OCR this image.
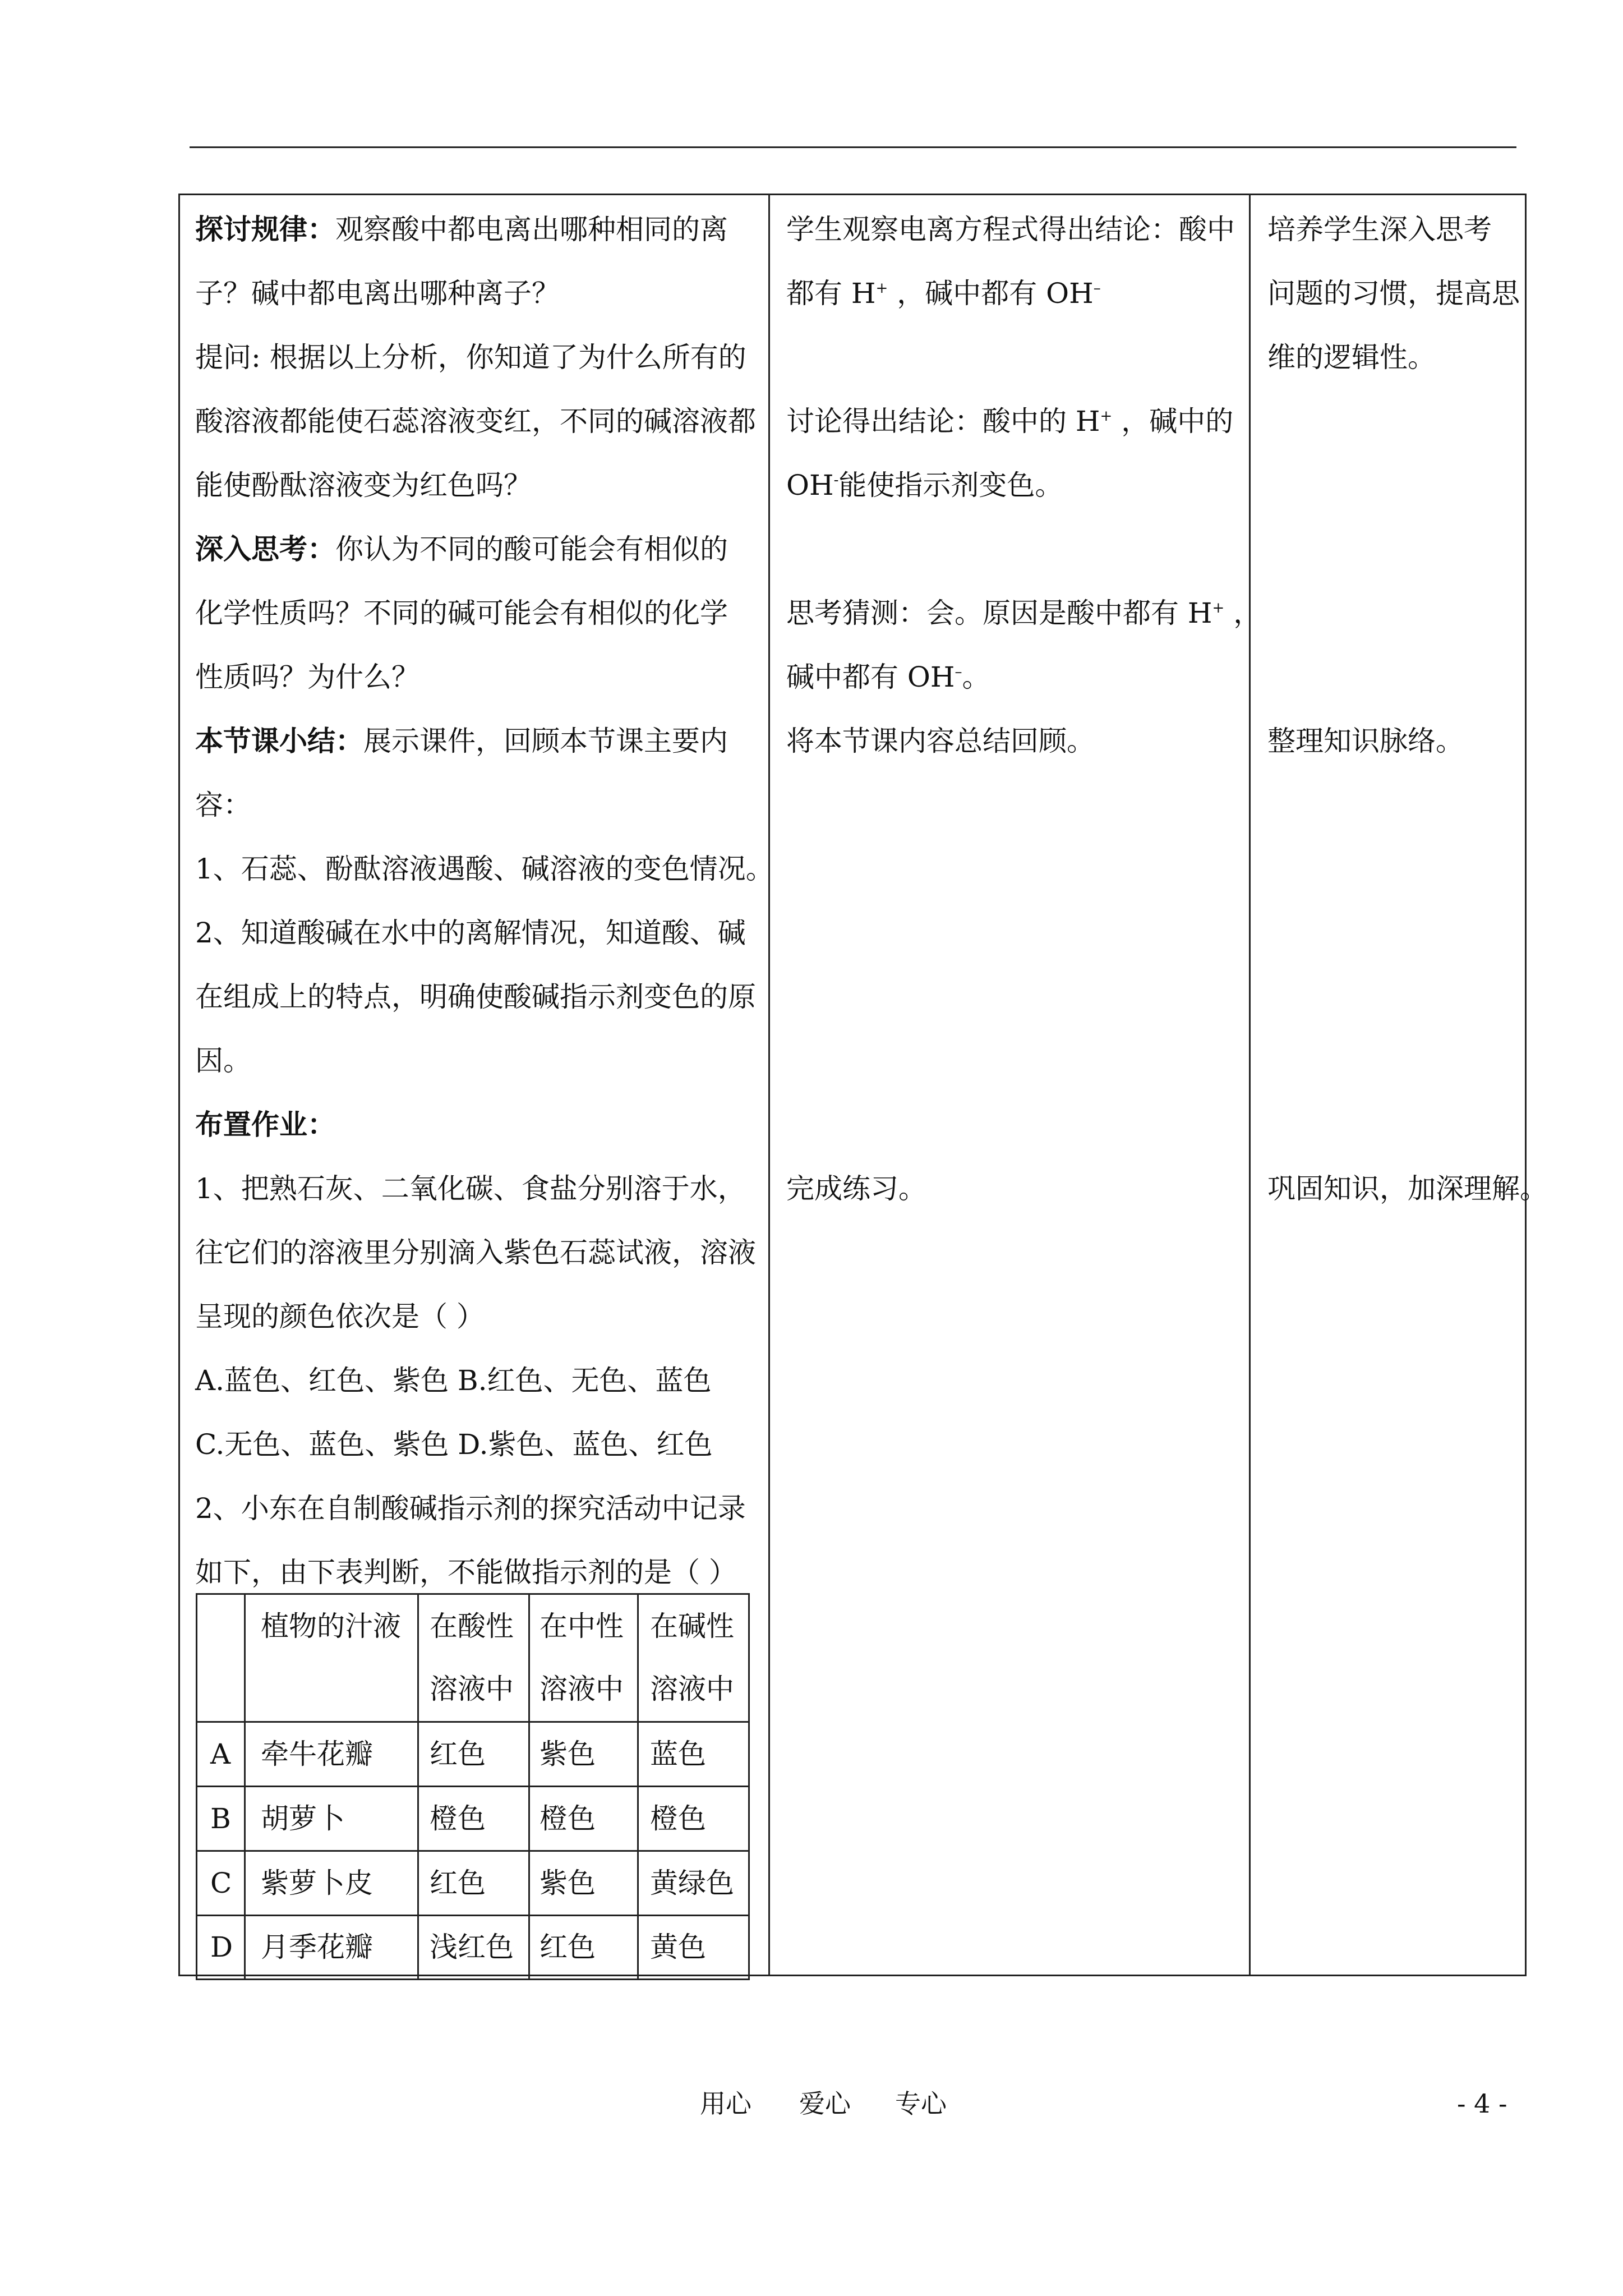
探讨规律：观察酸中都电离出哪种相同的离
子？碱中都电离出哪种离子？
提问: 根据以上分析，你知道了为什么所有的
酸溶液都能使石蕊溶液变红，不同的碱溶液都
能使酚酞溶液变为红色吗？
深入思考：你认为不同的酸可能会有相似的
化学性质吗？不同的碱可能会有相似的化学
性质吗？为什么？
本节课小结：展示课件，回顾本节课主要内
容：
1、石蕊、酚酞溶液遇酸、碱溶液的变色情况。
2、知道酸碱在水中的离解情况，知道酸、碱
在组成上的特点，明确使酸碱指示剂变色的原
因。
布置作业：
1、把熟石灰、二氧化碳、食盐分别溶于水，
往它们的溶液里分别滴入紫色石蕊试液，溶液
呈现的颜色依次是（ ）
A.蓝色、红色、紫色 B.红色、无色、蓝色
C.无色、蓝色、紫色 D.紫色、蓝色、红色
2、小东在自制酸碱指示剂的探究活动中记录
如下，由下表判断，不能做指示剂的是（ ）
学生观察电离方程式得出结论：酸中
都有 H+ ，碱中都有 OH–
讨论得出结论：酸中的 H+ ，碱中的
OH-能使指示剂变色。
思考猜测：会。原因是酸中都有 H+ ，
碱中都有 OH–。
将本节课内容总结回顾。
完成练习。
培养学生深入思考
问题的习惯，提高思
维的逻辑性。
整理知识脉络。
巩固知识，加深理解。
植物的汁液 在酸性
溶液中
在中性
溶液中
在碱性
溶液中
A 牵牛花瓣 红色 紫色 蓝色
B 胡萝卜	橙色 橙色 橙色
C 紫萝卜皮 红色 紫色 黄绿色
D 月季花瓣 浅红色 红色 黄色
用心 爱心 专心	- 4 -
